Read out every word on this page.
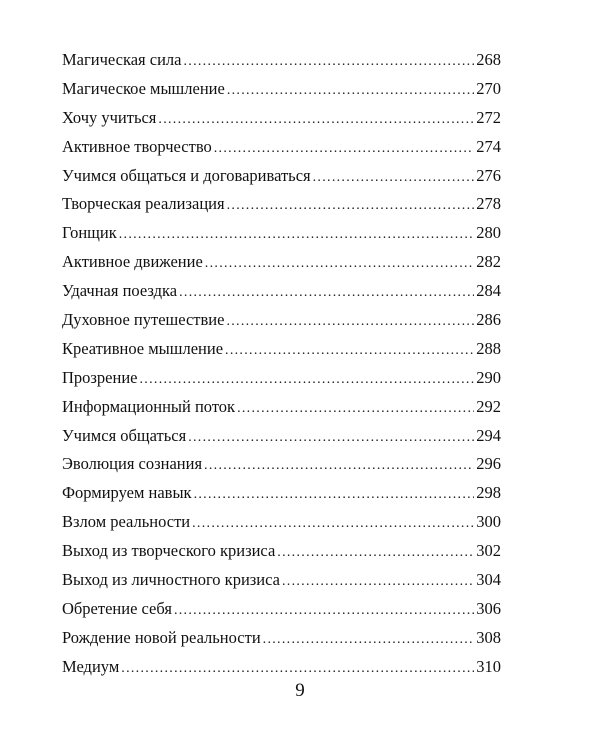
Магическая сила .....	268
Магическое мышление .....	270
Хочу учиться .....	272
Активное творчество .....	274
Учимся общаться и договариваться .....	276
Творческая реализация .....	278
Гонщик .....	280
Активное движение .....	282
Удачная поездка .....	284
Духовное путешествие .....	286
Креативное мышление .....	288
Прозрение .....	290
Информационный поток .....	292
Учимся общаться .....	294
Эволюция сознания .....	296
Формируем навык .....	298
Взлом реальности .....	300
Выход из творческого кризиса .....	302
Выход из личностного кризиса .....	304
Обретение себя .....	306
Рождение новой реальности .....	308
Медиум .....	310
9
